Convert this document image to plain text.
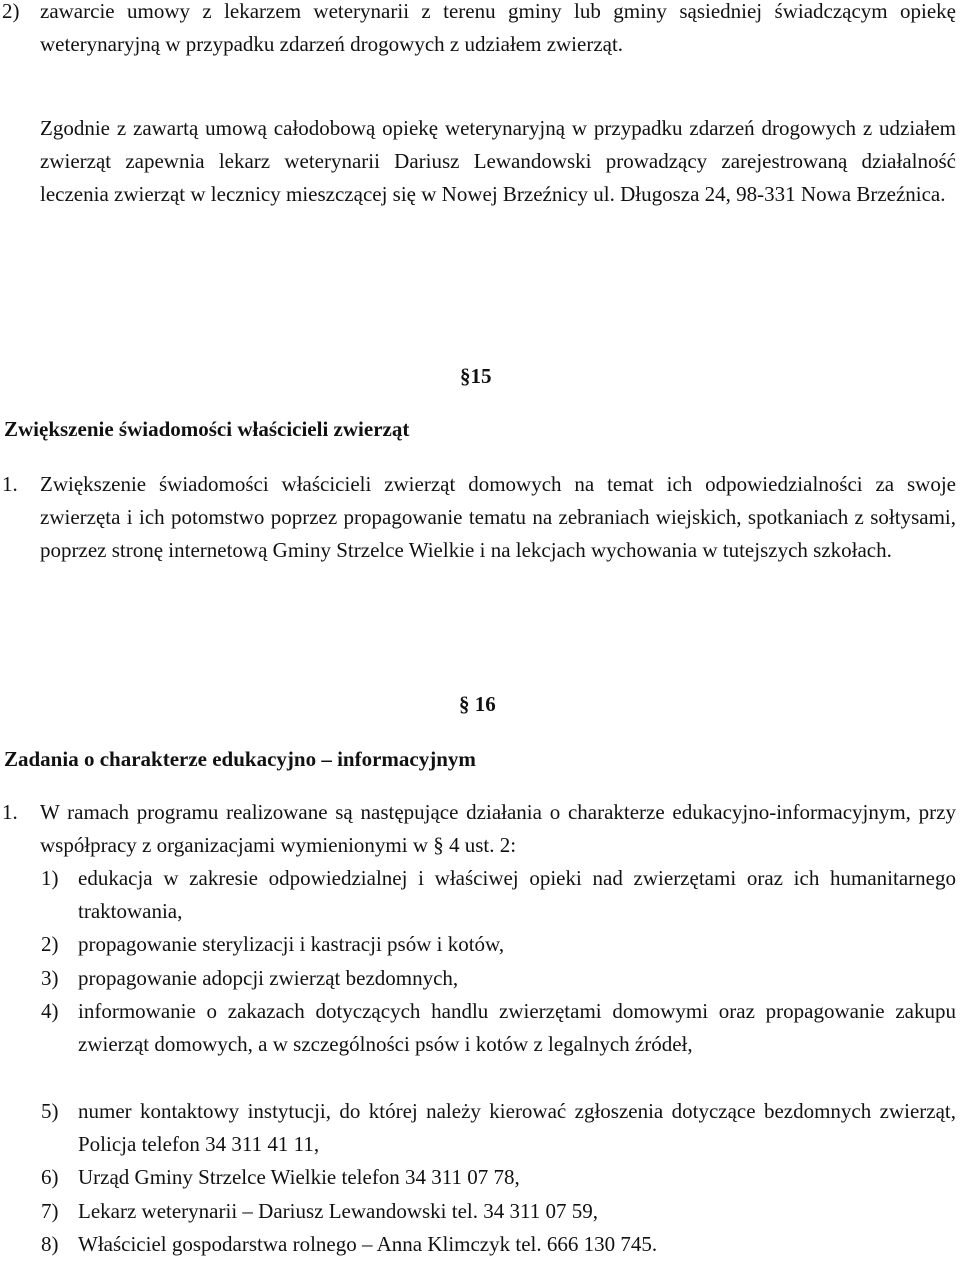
2) zawarcie umowy z lekarzem weterynarii z terenu gminy lub gminy sąsiedniej świadczącym opiekę weterynaryjną w przypadku zdarzeń drogowych z udziałem zwierząt.
Zgodnie z zawartą umową całodobową opiekę weterynaryjną w przypadku zdarzeń drogowych z udziałem zwierząt zapewnia lekarz weterynarii Dariusz Lewandowski prowadzący zarejestrowaną działalność leczenia zwierząt w lecznicy mieszczącej się w Nowej Brzeźnicy ul. Długosza 24, 98-331 Nowa Brzeźnica.
§15
Zwiększenie świadomości właścicieli zwierząt
1. Zwiększenie świadomości właścicieli zwierząt domowych na temat ich odpowiedzialności za swoje zwierzęta i ich potomstwo poprzez propagowanie tematu na zebraniach wiejskich, spotkaniach z sołtysami, poprzez stronę internetową Gminy Strzelce Wielkie i na lekcjach wychowania w tutejszych szkołach.
§ 16
Zadania o charakterze edukacyjno – informacyjnym
1. W ramach programu realizowane są następujące działania o charakterze edukacyjno-informacyjnym, przy współpracy z organizacjami wymienionymi w § 4 ust. 2:
1) edukacja w zakresie odpowiedzialnej i właściwej opieki nad zwierzętami oraz ich humanitarnego traktowania,
2) propagowanie sterylizacji i kastracji psów i kotów,
3) propagowanie adopcji zwierząt bezdomnych,
4) informowanie o zakazach dotyczących handlu zwierzętami domowymi oraz propagowanie zakupu zwierząt domowych, a w szczególności psów i kotów z legalnych źródeł,
5) numer kontaktowy instytucji, do której należy kierować zgłoszenia dotyczące bezdomnych zwierząt, Policja telefon 34 311 41 11,
6) Urząd Gminy Strzelce Wielkie telefon 34 311 07 78,
7) Lekarz weterynarii – Dariusz Lewandowski tel. 34 311 07 59,
8) Właściciel gospodarstwa rolnego – Anna Klimczyk tel. 666 130 745.
